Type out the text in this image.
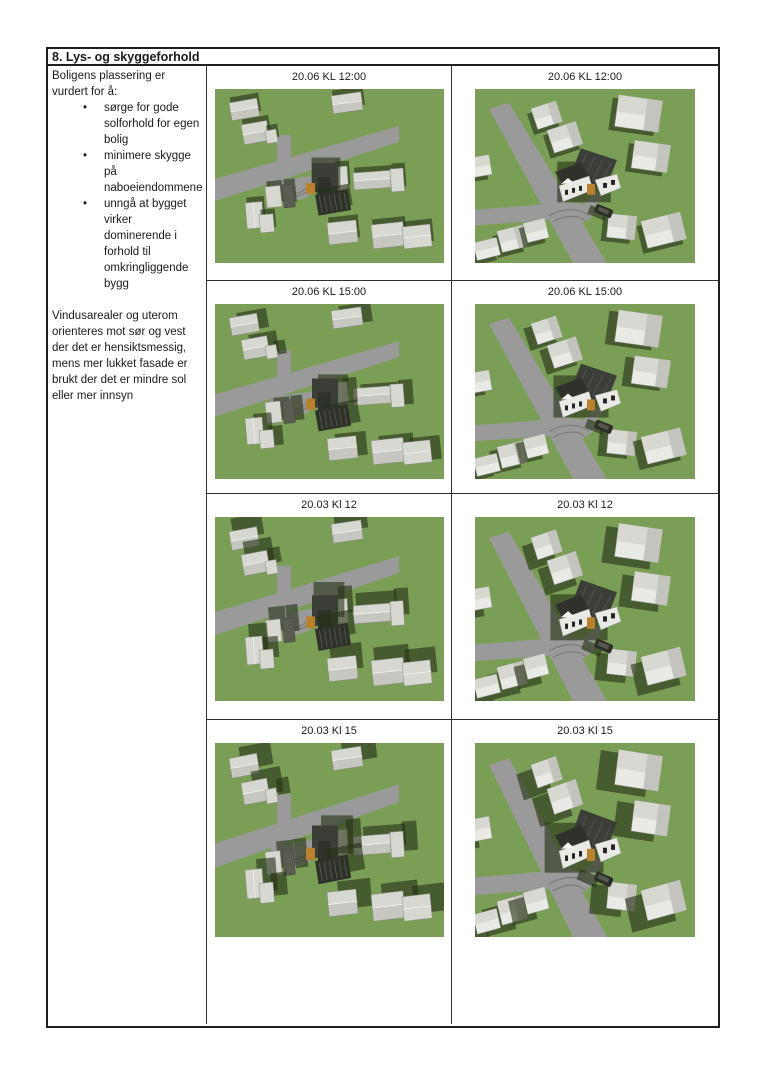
8. Lys- og skyggeforhold

Boligens plassering er vurdert for å:

• sørge for gode solforhold for egen bolig
• minimere skygge på naboeiendommene
• unngå at bygget virker dominerende i forhold til omkringliggende bygg

Vindusarealer og uterom orienteres mot sør og vest der det er hensiktsmessig, mens mer lukket fasade er brukt der det er mindre sol eller mer innsyn

20.06 KL 12:00	20.06 KL 12:00
20.06 KL 15:00	20.06 KL 15:00
20.03 Kl 12	20.03 Kl 12
20.03 Kl 15	20.03 Kl 15
